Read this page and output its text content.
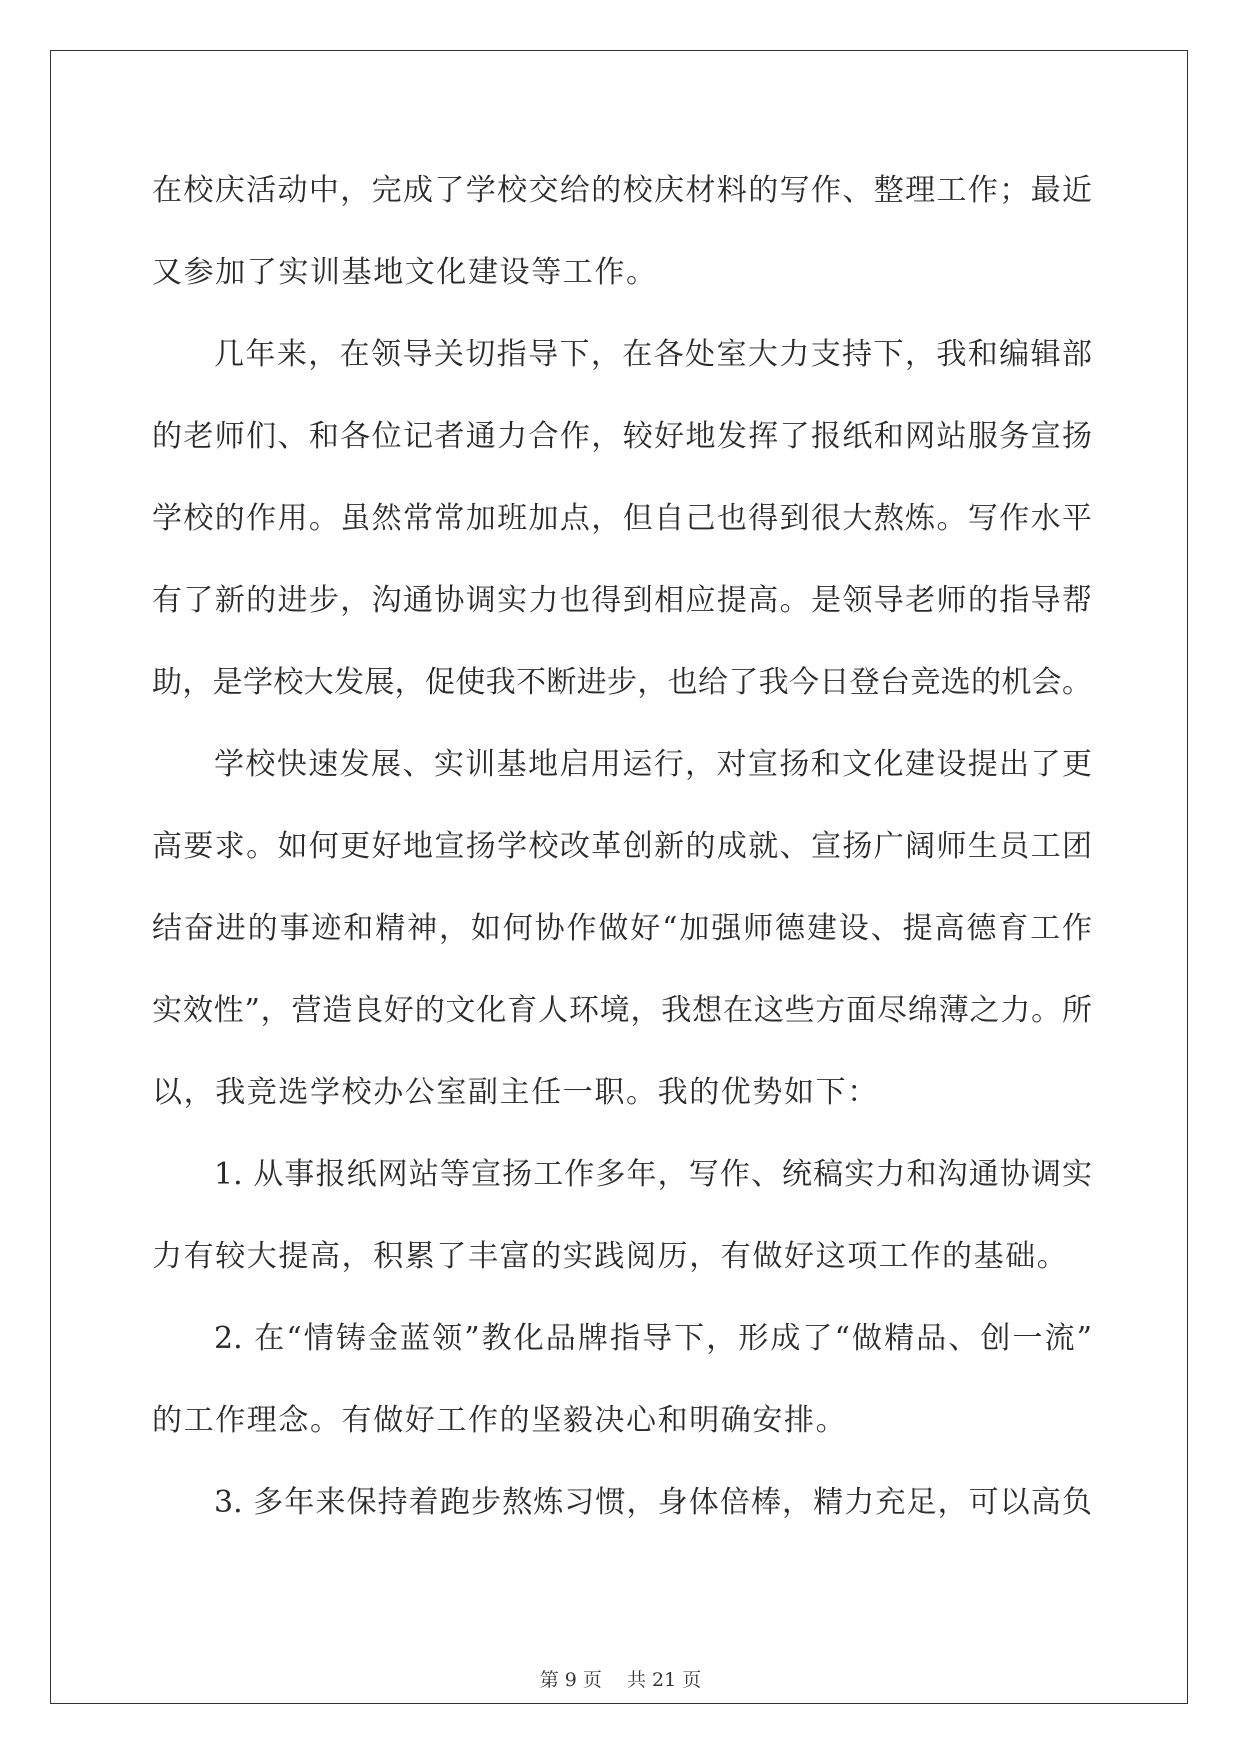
在校庆活动中，完成了学校交给的校庆材料的写作、整理工作；最近
又参加了实训基地文化建设等工作。
几年来，在领导关切指导下，在各处室大力支持下，我和编辑部
的老师们、和各位记者通力合作，较好地发挥了报纸和网站服务宣扬
学校的作用。虽然常常加班加点，但自己也得到很大熬炼。写作水平
有了新的进步，沟通协调实力也得到相应提高。是领导老师的指导帮
助，是学校大发展，促使我不断进步，也给了我今日登台竞选的机会。
学校快速发展、实训基地启用运行，对宣扬和文化建设提出了更
高要求。如何更好地宣扬学校改革创新的成就、宣扬广阔师生员工团
结奋进的事迹和精神，如何协作做好“加强师德建设、提高德育工作
实效性”，营造良好的文化育人环境，我想在这些方面尽绵薄之力。所
以，我竞选学校办公室副主任一职。我的优势如下：
1. 从事报纸网站等宣扬工作多年，写作、统稿实力和沟通协调实
力有较大提高，积累了丰富的实践阅历，有做好这项工作的基础。
2. 在“情铸金蓝领”教化品牌指导下，形成了“做精品、创一流”
的工作理念。有做好工作的坚毅决心和明确安排。
3. 多年来保持着跑步熬炼习惯，身体倍棒，精力充足，可以高负
第 9 页　 共 21 页
